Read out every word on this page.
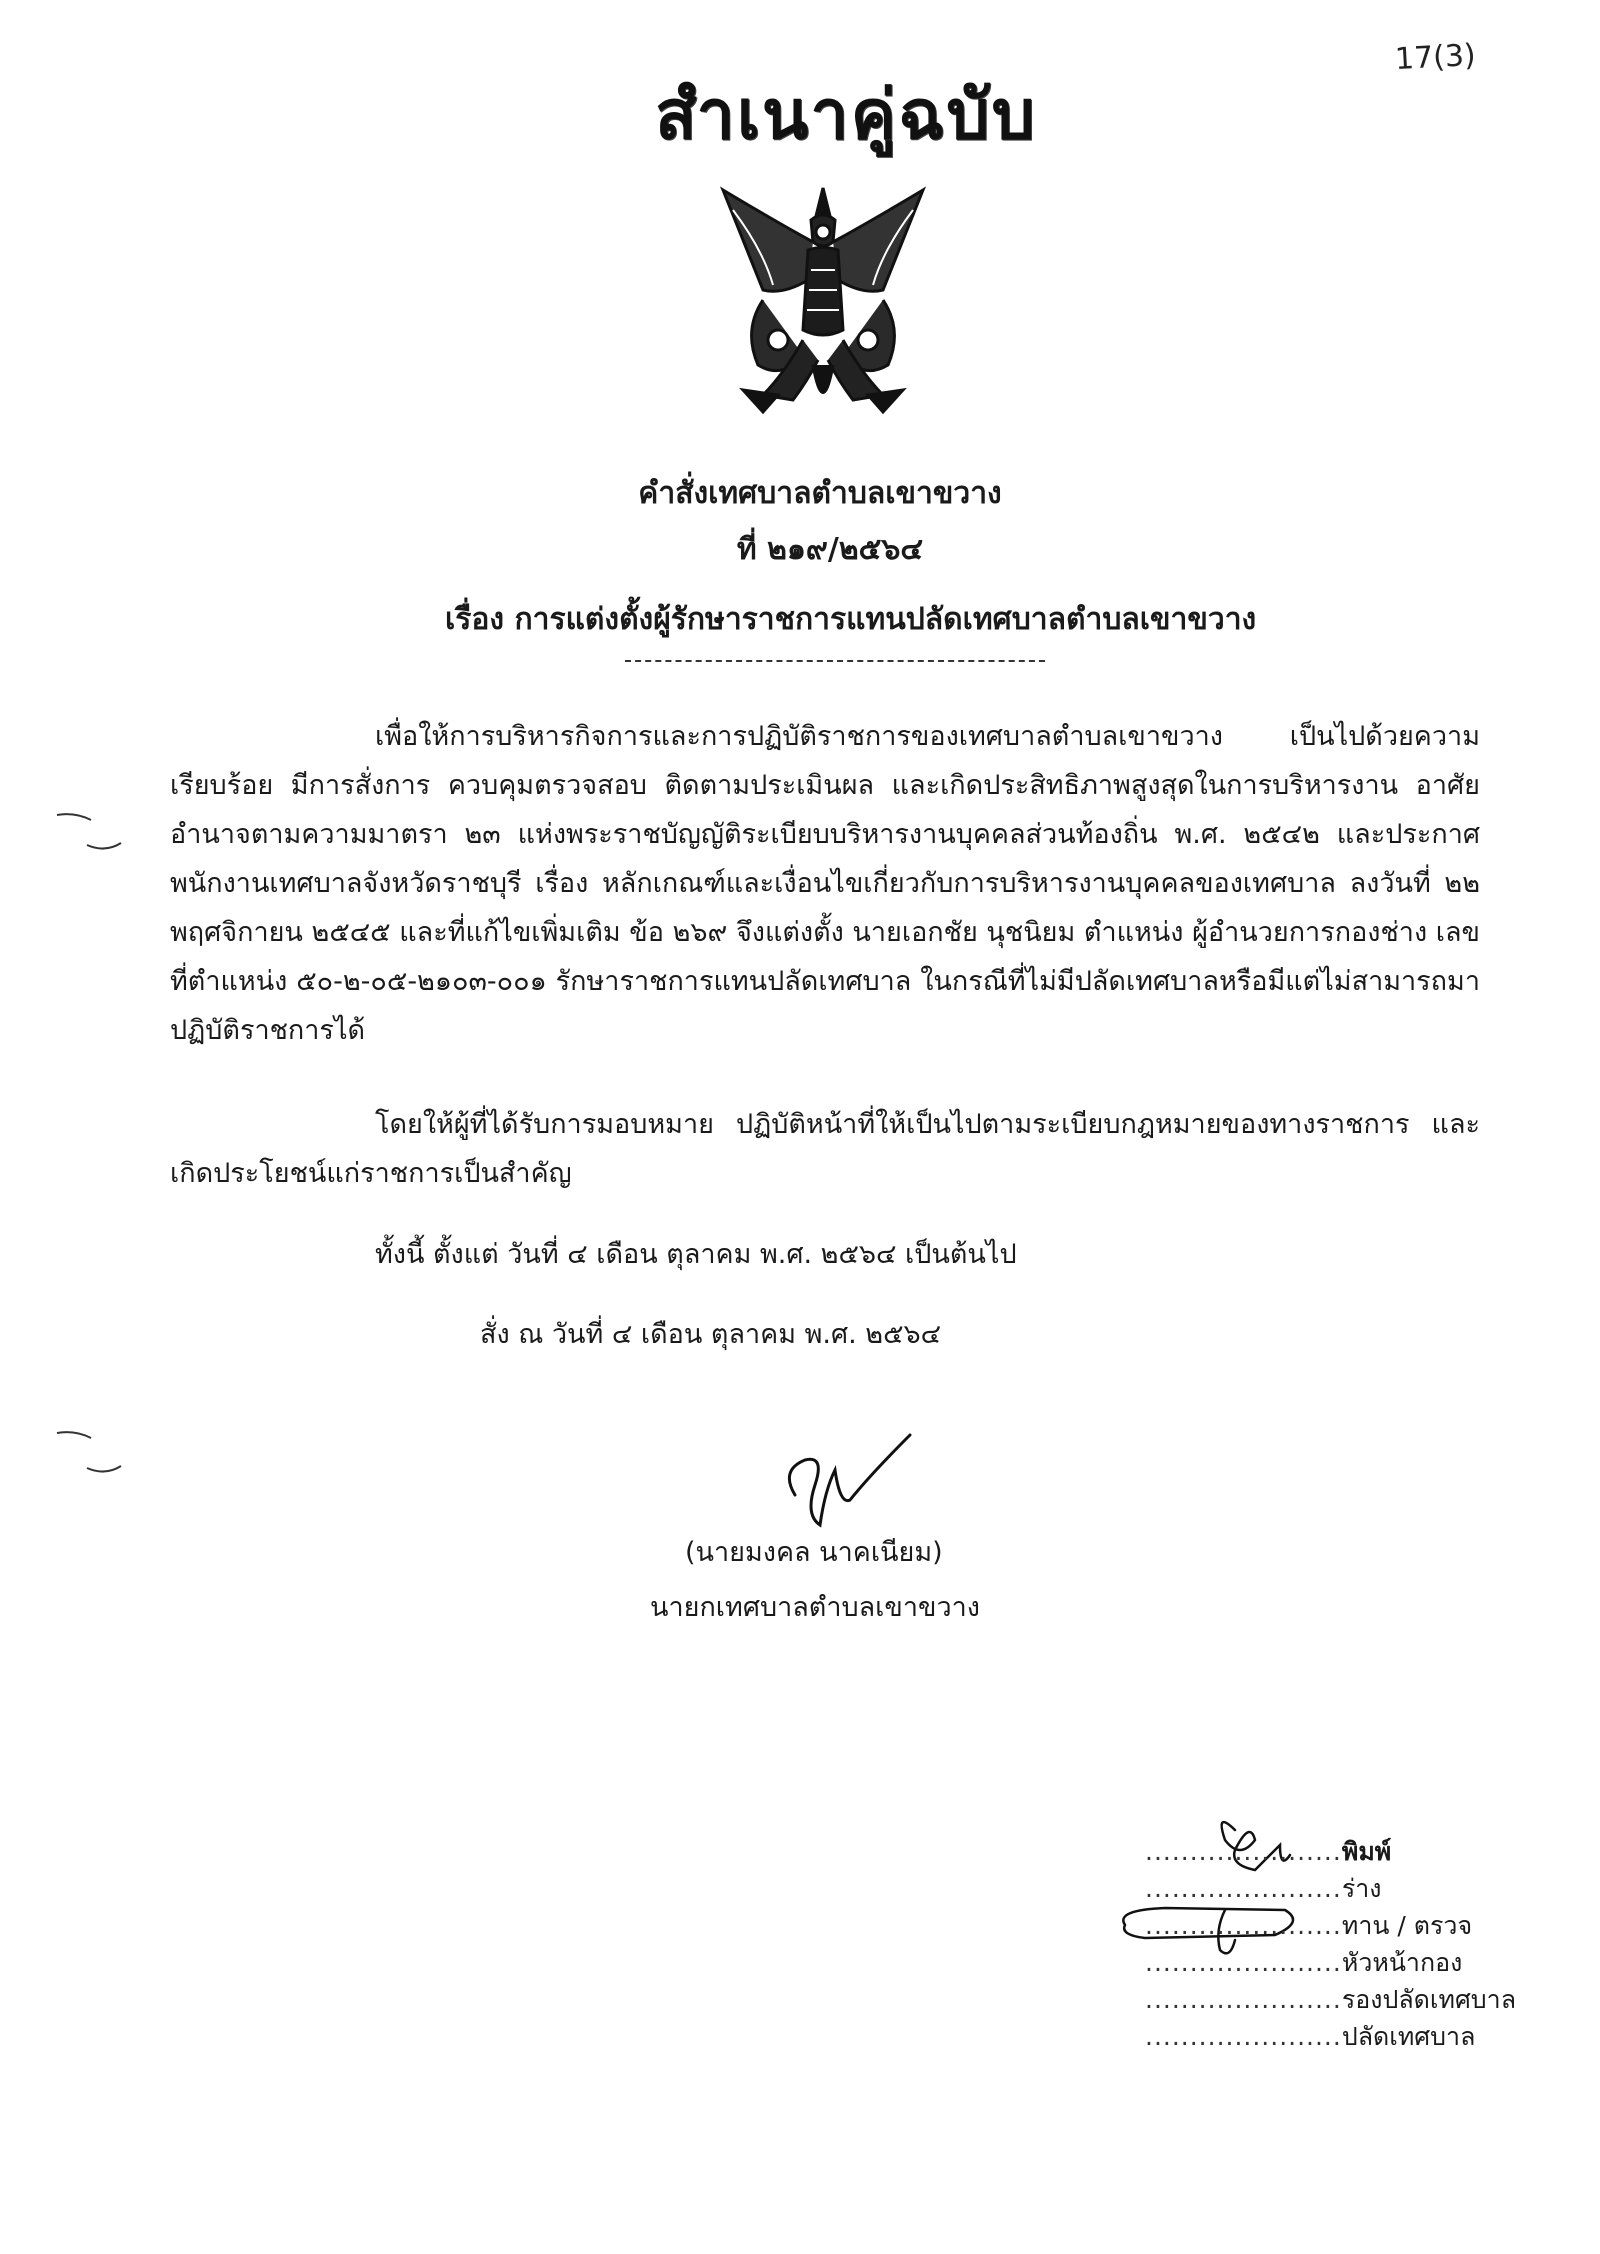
17(3)
สำเนาคู่ฉบับ
คำสั่งเทศบาลตำบลเขาขวาง
ที่ ๒๑๙/๒๕๖๔
เรื่อง การแต่งตั้งผู้รักษาราชการแทนปลัดเทศบาลตำบลเขาขวาง
เพื่อให้การบริหารกิจการและการปฏิบัติราชการของเทศบาลตำบลเขาขวาง เป็นไปด้วยความเรียบร้อย มีการสั่งการ ควบคุมตรวจสอบ ติดตามประเมินผล และเกิดประสิทธิภาพสูงสุดในการบริหารงาน อาศัยอำนาจตามความมาตรา ๒๓ แห่งพระราชบัญญัติระเบียบบริหารงานบุคคลส่วนท้องถิ่น พ.ศ. ๒๕๔๒ และประกาศพนักงานเทศบาลจังหวัดราชบุรี เรื่อง หลักเกณฑ์และเงื่อนไขเกี่ยวกับการบริหารงานบุคคลของเทศบาล ลงวันที่ ๒๒ พฤศจิกายน ๒๕๔๕ และที่แก้ไขเพิ่มเติม ข้อ ๒๖๙ จึงแต่งตั้ง นายเอกชัย นุชนิยม ตำแหน่ง ผู้อำนวยการกองช่าง เลขที่ตำแหน่ง ๕๐-๒-๐๕-๒๑๐๓-๐๐๑ รักษาราชการแทนปลัดเทศบาล ในกรณีที่ไม่มีปลัดเทศบาลหรือมีแต่ไม่สามารถมาปฏิบัติราชการได้
โดยให้ผู้ที่ได้รับการมอบหมาย ปฏิบัติหน้าที่ให้เป็นไปตามระเบียบกฎหมายของทางราชการ และเกิดประโยชน์แก่ราชการเป็นสำคัญ
ทั้งนี้ ตั้งแต่ วันที่ ๔ เดือน ตุลาคม พ.ศ. ๒๕๖๔ เป็นต้นไป
สั่ง ณ วันที่ ๔ เดือน ตุลาคม พ.ศ. ๒๕๖๔
(นายมงคล นาคเนียม)
นายกเทศบาลตำบลเขาขวาง
......................พิมพ์
......................ร่าง
......................ทาน / ตรวจ
......................หัวหน้ากอง
......................รองปลัดเทศบาล
......................ปลัดเทศบาล
